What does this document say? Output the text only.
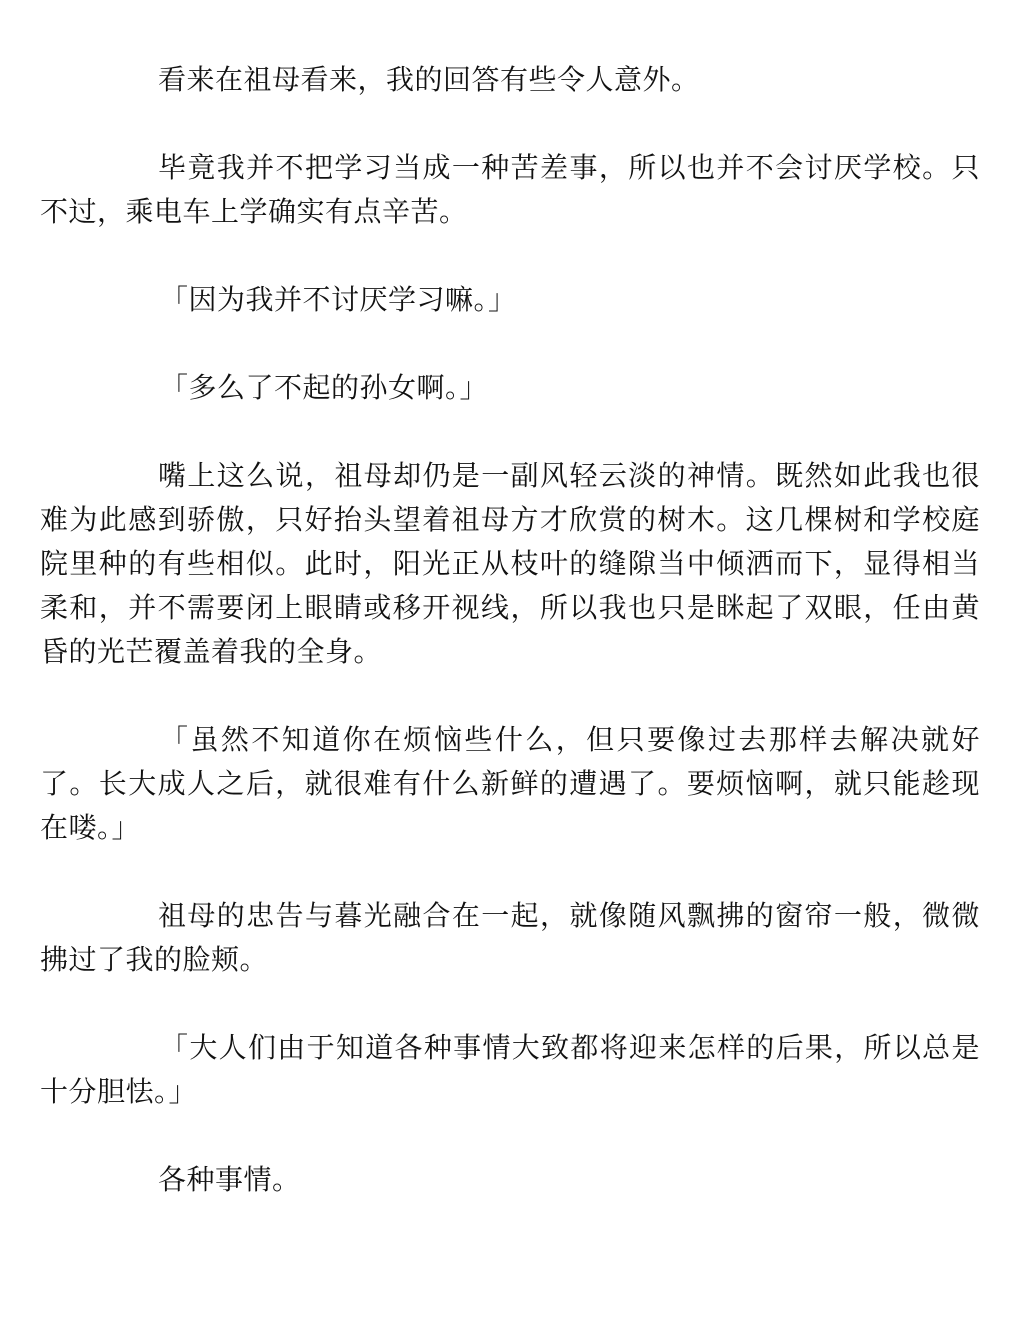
看来在祖母看来，我的回答有些令人意外。

毕竟我并不把学习当成一种苦差事，所以也并不会讨厌学校。只不过，乘电车上学确实有点辛苦。

「因为我并不讨厌学习嘛。」

「多么了不起的孙女啊。」

嘴上这么说，祖母却仍是一副风轻云淡的神情。既然如此我也很难为此感到骄傲，只好抬头望着祖母方才欣赏的树木。这几棵树和学校庭院里种的有些相似。此时，阳光正从枝叶的缝隙当中倾洒而下，显得相当柔和，并不需要闭上眼睛或移开视线，所以我也只是眯起了双眼，任由黄昏的光芒覆盖着我的全身。

「虽然不知道你在烦恼些什么，但只要像过去那样去解决就好了。长大成人之后，就很难有什么新鲜的遭遇了。要烦恼啊，就只能趁现在喽。」

祖母的忠告与暮光融合在一起，就像随风飘拂的窗帘一般，微微拂过了我的脸颊。

「大人们由于知道各种事情大致都将迎来怎样的后果，所以总是十分胆怯。」

各种事情。
